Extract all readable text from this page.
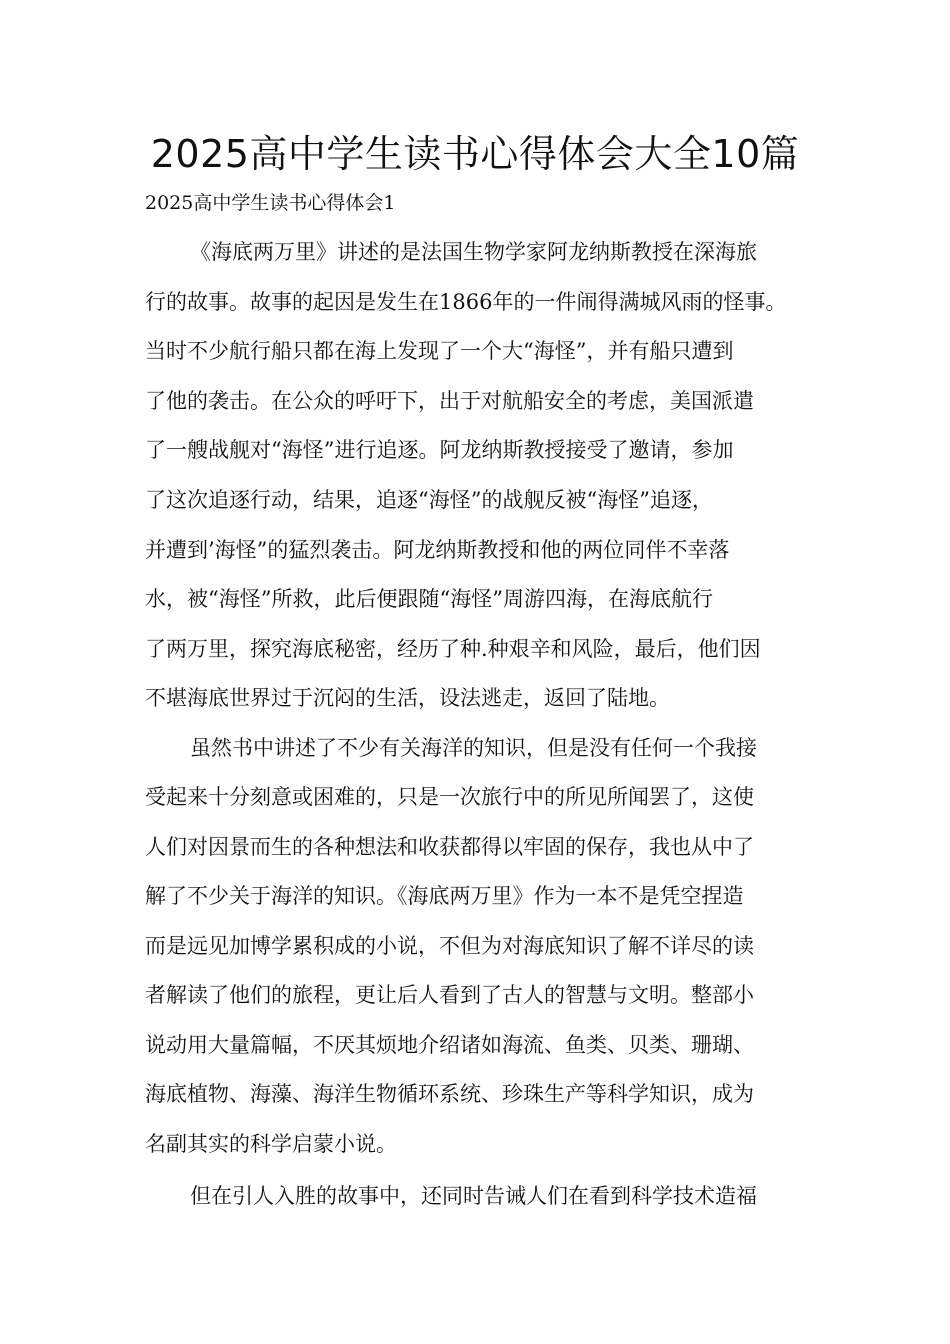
2025高中学生读书心得体会大全10篇

2025高中学生读书心得体会1

《海底两万里》讲述的是法国生物学家阿龙纳斯教授在深海旅

行的故事。故事的起因是发生在1866年的一件闹得满城风雨的怪事。

当时不少航行船只都在海上发现了一个大“海怪”，并有船只遭到

了他的袭击。在公众的呼吁下，出于对航船安全的考虑，美国派遣

了一艘战舰对“海怪”进行追逐。阿龙纳斯教授接受了邀请，参加

了这次追逐行动，结果，追逐“海怪”的战舰反被“海怪”追逐，

并遭到’海怪”的猛烈袭击。阿龙纳斯教授和他的两位同伴不幸落

水，被“海怪”所救，此后便跟随“海怪”周游四海，在海底航行

了两万里，探究海底秘密，经历了种.种艰辛和风险，最后，他们因

不堪海底世界过于沉闷的生活，设法逃走，返回了陆地。

虽然书中讲述了不少有关海洋的知识，但是没有任何一个我接

受起来十分刻意或困难的，只是一次旅行中的所见所闻罢了，这使

人们对因景而生的各种想法和收获都得以牢固的保存，我也从中了

解了不少关于海洋的知识。《海底两万里》作为一本不是凭空捏造

而是远见加博学累积成的小说，不但为对海底知识了解不详尽的读

者解读了他们的旅程，更让后人看到了古人的智慧与文明。整部小

说动用大量篇幅，不厌其烦地介绍诸如海流、鱼类、贝类、珊瑚、

海底植物、海藻、海洋生物循环系统、珍珠生产等科学知识，成为

名副其实的科学启蒙小说。

但在引人入胜的故事中，还同时告诫人们在看到科学技术造福
